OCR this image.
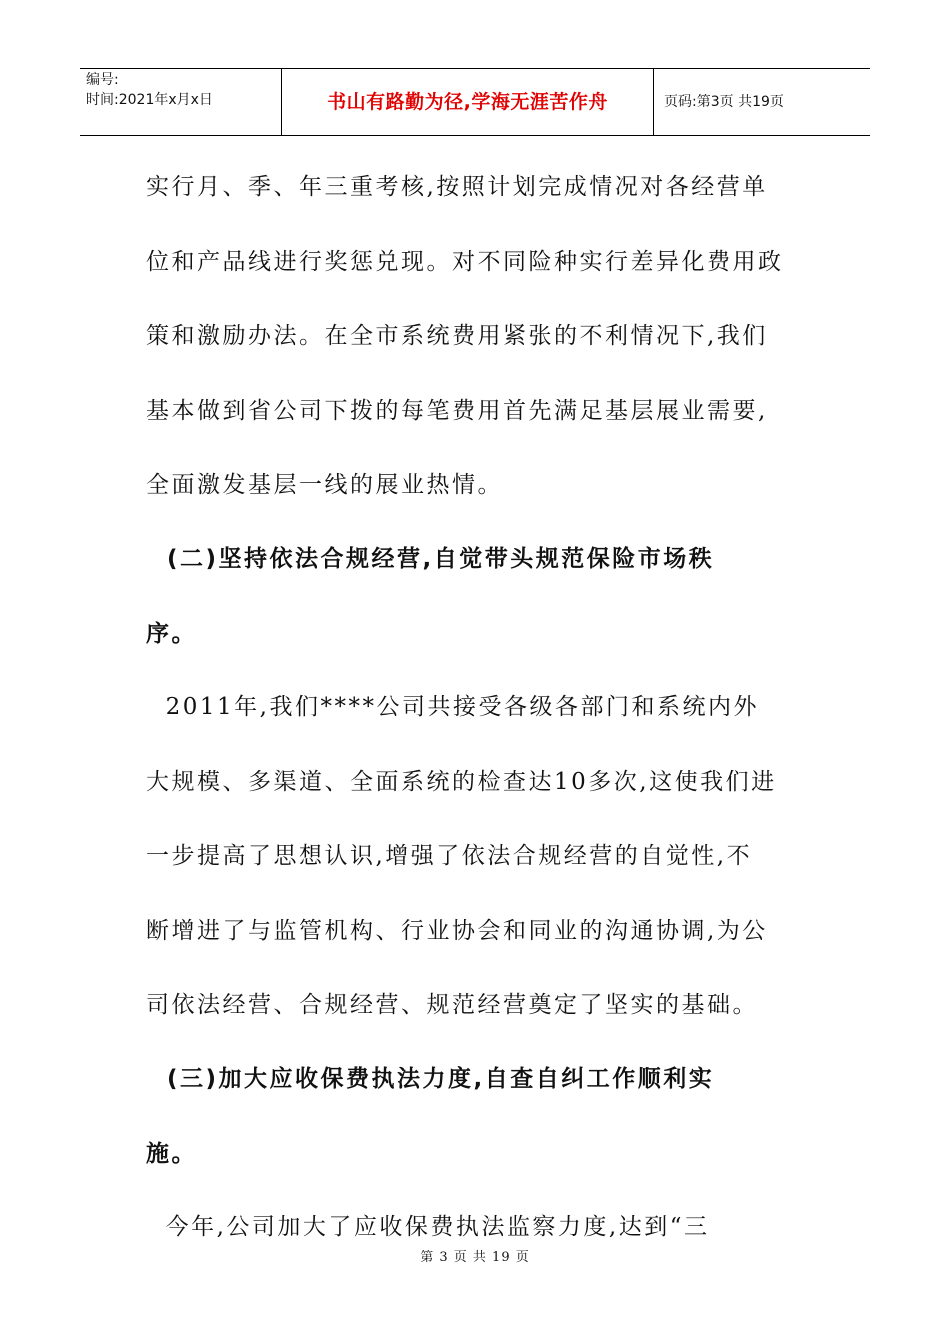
编号:
时间:2021年x月x日	书山有路勤为径,学海无涯苦作舟	页码:第3页 共19页

实行月、季、年三重考核,按照计划完成情况对各经营单
位和产品线进行奖惩兑现。对不同险种实行差异化费用政
策和激励办法。在全市系统费用紧张的不利情况下,我们
基本做到省公司下拨的每笔费用首先满足基层展业需要,
全面激发基层一线的展业热情。

(二)坚持依法合规经营,自觉带头规范保险市场秩
序。

2011年,我们****公司共接受各级各部门和系统内外
大规模、多渠道、全面系统的检查达10多次,这使我们进
一步提高了思想认识,增强了依法合规经营的自觉性,不
断增进了与监管机构、行业协会和同业的沟通协调,为公
司依法经营、合规经营、规范经营奠定了坚实的基础。

(三)加大应收保费执法力度,自查自纠工作顺利实
施。

今年,公司加大了应收保费执法监察力度,达到“三

第 3 页 共 19 页
